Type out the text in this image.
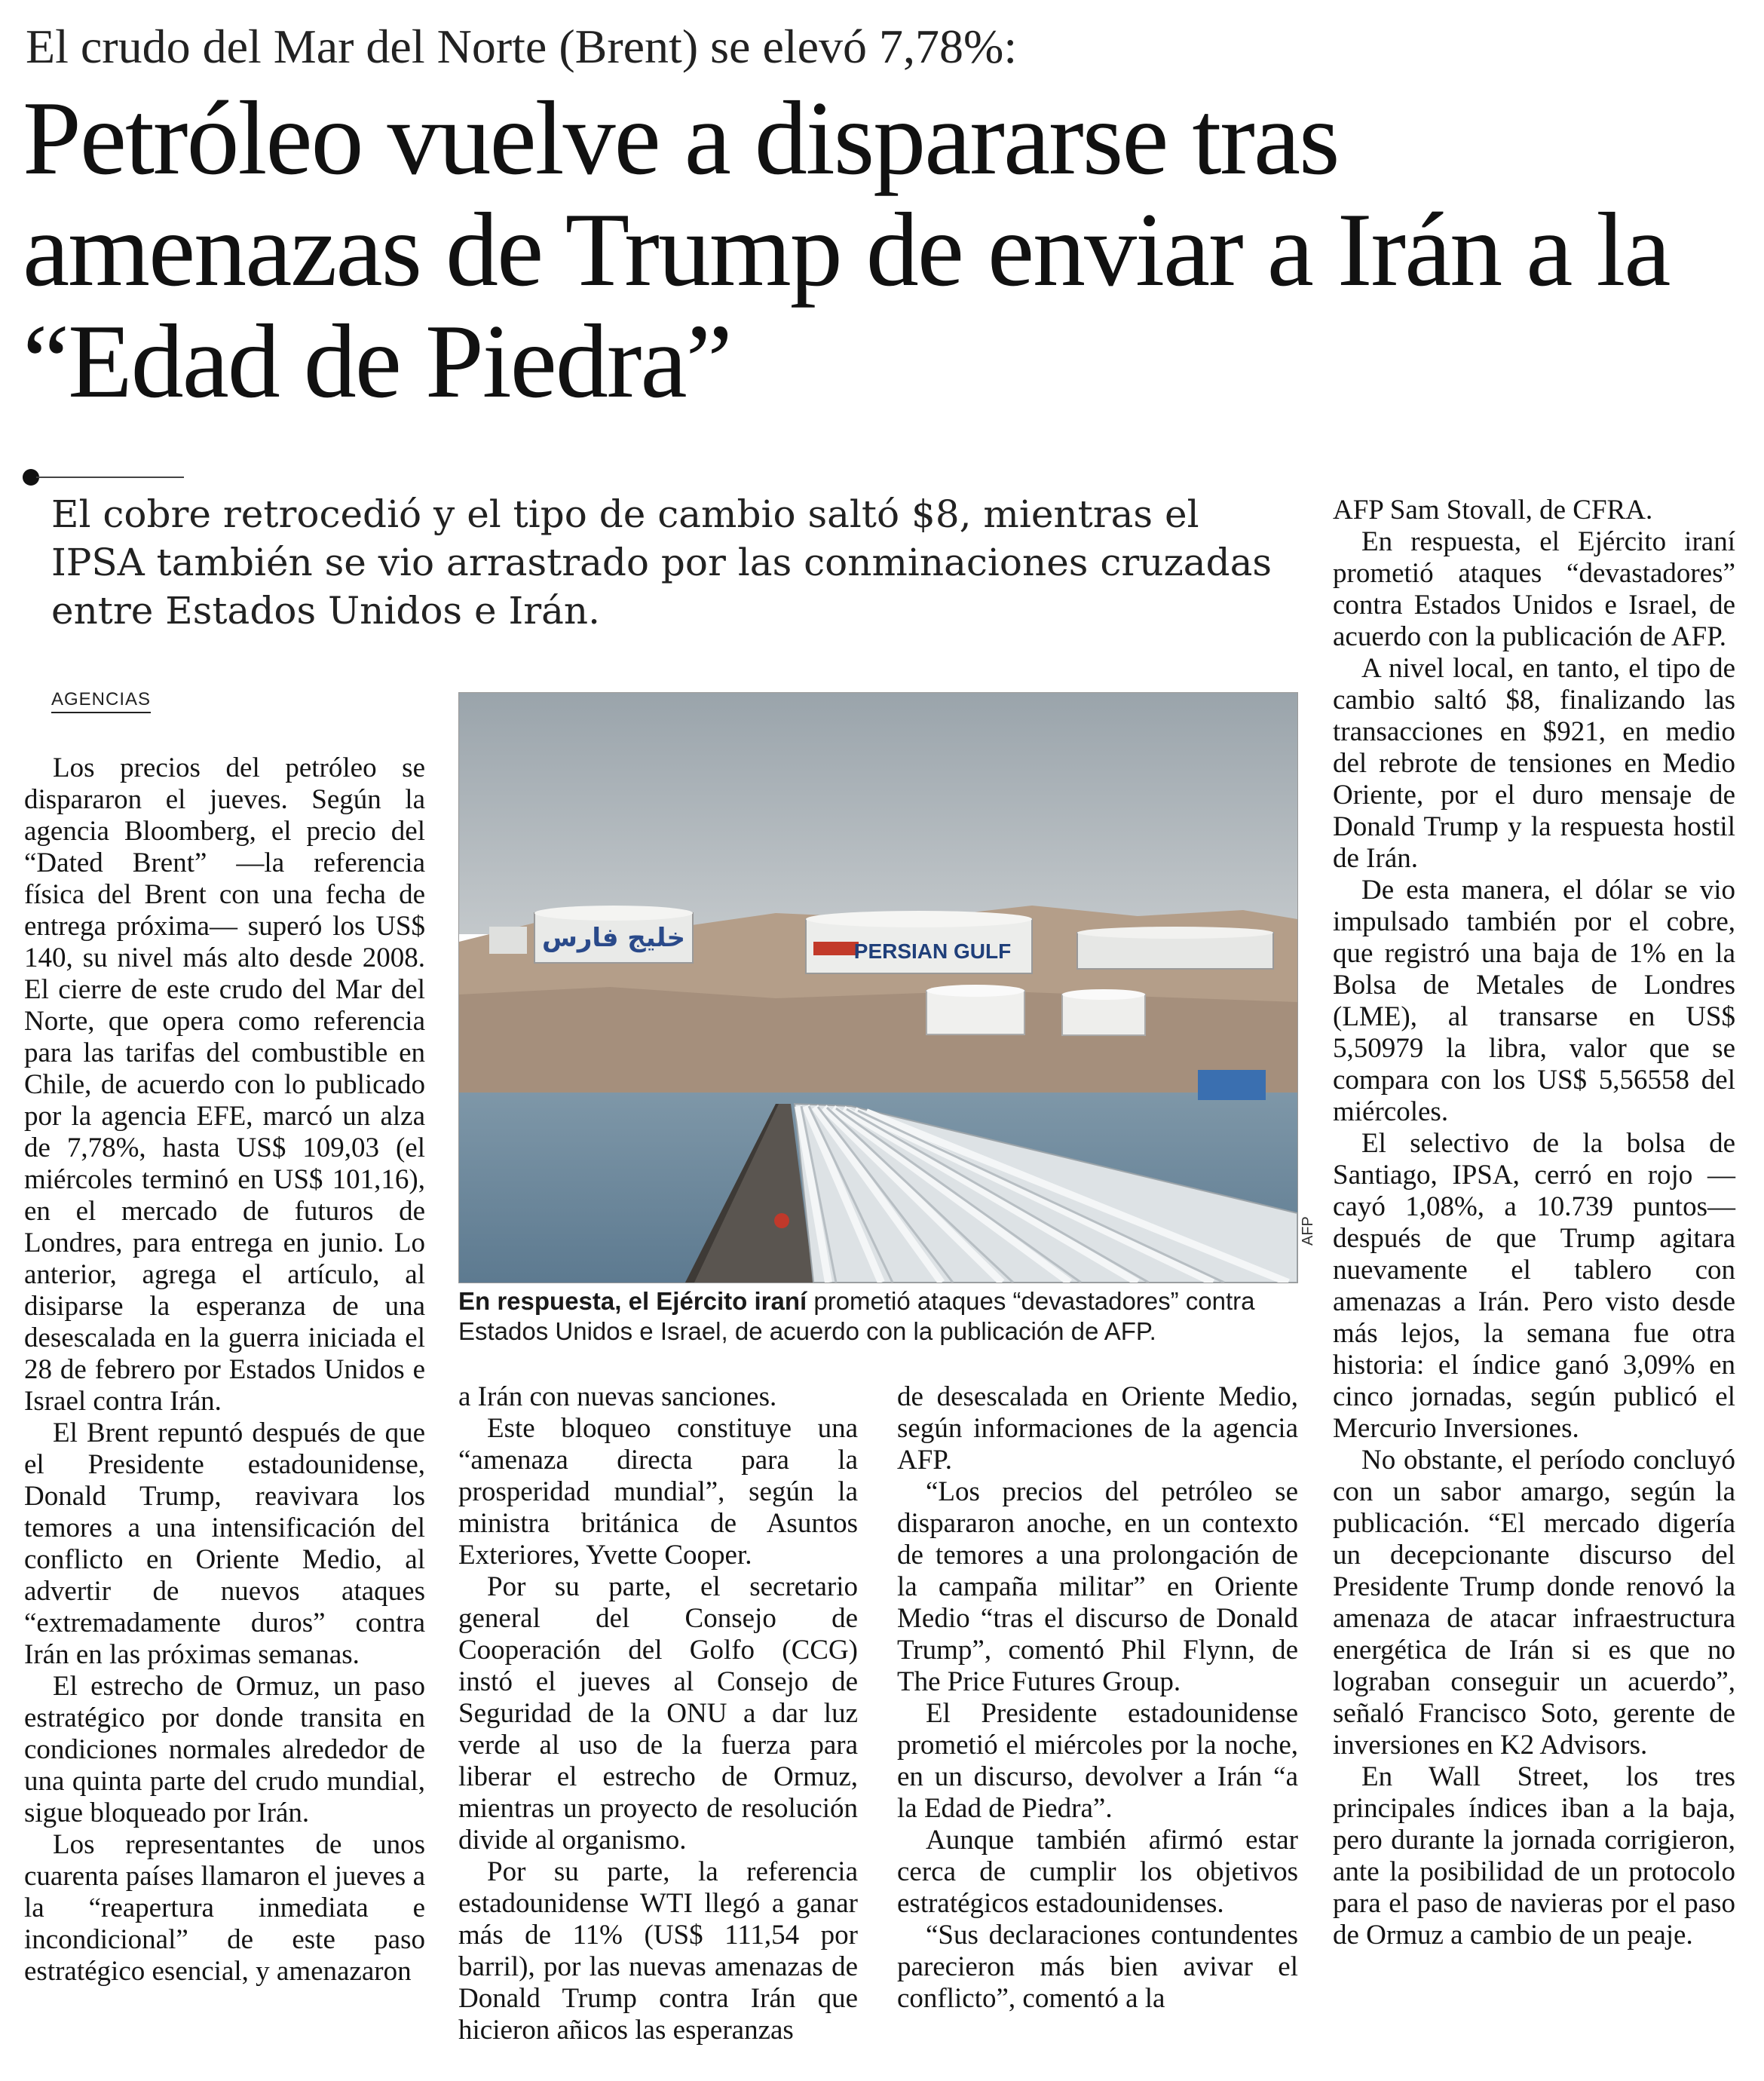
El crudo del Mar del Norte (Brent) se elevó 7,78%:
Petróleo vuelve a dispararse tras amenazas de Trump de enviar a Irán a la “Edad de Piedra”
El cobre retrocedió y el tipo de cambio saltó $8, mientras el IPSA también se vio arrastrado por las conminaciones cruzadas entre Estados Unidos e Irán.
AGENCIAS

Los precios del petróleo se dispararon el jueves. Según la agencia Bloomberg, el precio del “Dated Brent” —la referencia física del Brent con una fecha de entrega próxima— superó los US$ 140, su nivel más alto desde 2008. El cierre de este crudo del Mar del Norte, que opera como referencia para las tarifas del combustible en Chile, de acuerdo con lo publicado por la agencia EFE, marcó un alza de 7,78%, hasta US$ 109,03 (el miércoles terminó en US$ 101,16), en el mercado de futuros de Londres, para entrega en junio. Lo anterior, agrega el artículo, al disiparse la esperanza de una desescalada en la guerra iniciada el 28 de febrero por Estados Unidos e Israel contra Irán.

El Brent repuntó después de que el Presidente estadounidense, Donald Trump, reavivara los temores a una intensificación del conflicto en Oriente Medio, al advertir de nuevos ataques “extremadamente duros” contra Irán en las próximas semanas.

El estrecho de Ormuz, un paso estratégico por donde transita en condiciones normales alrededor de una quinta parte del crudo mundial, sigue bloqueado por Irán.

Los representantes de unos cuarenta países llamaron el jueves a la “reapertura inmediata e incondicional” de este paso estratégico esencial, y amenazaron

خليج فارس	PERSIAN GULF
AFP
En respuesta, el Ejército iraní prometió ataques “devastadores” contra Estados Unidos e Israel, de acuerdo con la publicación de AFP.

a Irán con nuevas sanciones.

Este bloqueo constituye una “amenaza directa para la prosperidad mundial”, según la ministra británica de Asuntos Exteriores, Yvette Cooper.

Por su parte, el secretario general del Consejo de Cooperación del Golfo (CCG) instó el jueves al Consejo de Seguridad de la ONU a dar luz verde al uso de la fuerza para liberar el estrecho de Ormuz, mientras un proyecto de resolución divide al organismo.

Por su parte, la referencia estadounidense WTI llegó a ganar más de 11% (US$ 111,54 por barril), por las nuevas amenazas de Donald Trump contra Irán que hicieron añicos las esperanzas

de desescalada en Oriente Medio, según informaciones de la agencia AFP.

“Los precios del petróleo se dispararon anoche, en un contexto de temores a una prolongación de la campaña militar” en Oriente Medio “tras el discurso de Donald Trump”, comentó Phil Flynn, de The Price Futures Group.

El Presidente estadounidense prometió el miércoles por la noche, en un discurso, devolver a Irán “a la Edad de Piedra”.

Aunque también afirmó estar cerca de cumplir los objetivos estratégicos estadounidenses.

“Sus declaraciones contundentes parecieron más bien avivar el conflicto”, comentó a la

AFP Sam Stovall, de CFRA.

En respuesta, el Ejército iraní prometió ataques “devastadores” contra Estados Unidos e Israel, de acuerdo con la publicación de AFP.

A nivel local, en tanto, el tipo de cambio saltó $8, finalizando las transacciones en $921, en medio del rebrote de tensiones en Medio Oriente, por el duro mensaje de Donald Trump y la respuesta hostil de Irán.

De esta manera, el dólar se vio impulsado también por el cobre, que registró una baja de 1% en la Bolsa de Metales de Londres (LME), al transarse en US$ 5,50979 la libra, valor que se compara con los US$ 5,56558 del miércoles.

El selectivo de la bolsa de Santiago, IPSA, cerró en rojo —cayó 1,08%, a 10.739 puntos— después de que Trump agitara nuevamente el tablero con amenazas a Irán. Pero visto desde más lejos, la semana fue otra historia: el índice ganó 3,09% en cinco jornadas, según publicó el Mercurio Inversiones.

No obstante, el período concluyó con un sabor amargo, según la publicación. “El mercado digería un decepcionante discurso del Presidente Trump donde renovó la amenaza de atacar infraestructura energética de Irán si es que no lograban conseguir un acuerdo”, señaló Francisco Soto, gerente de inversiones en K2 Advisors.

En Wall Street, los tres principales índices iban a la baja, pero durante la jornada corrigieron, ante la posibilidad de un protocolo para el paso de navieras por el paso de Ormuz a cambio de un peaje.
